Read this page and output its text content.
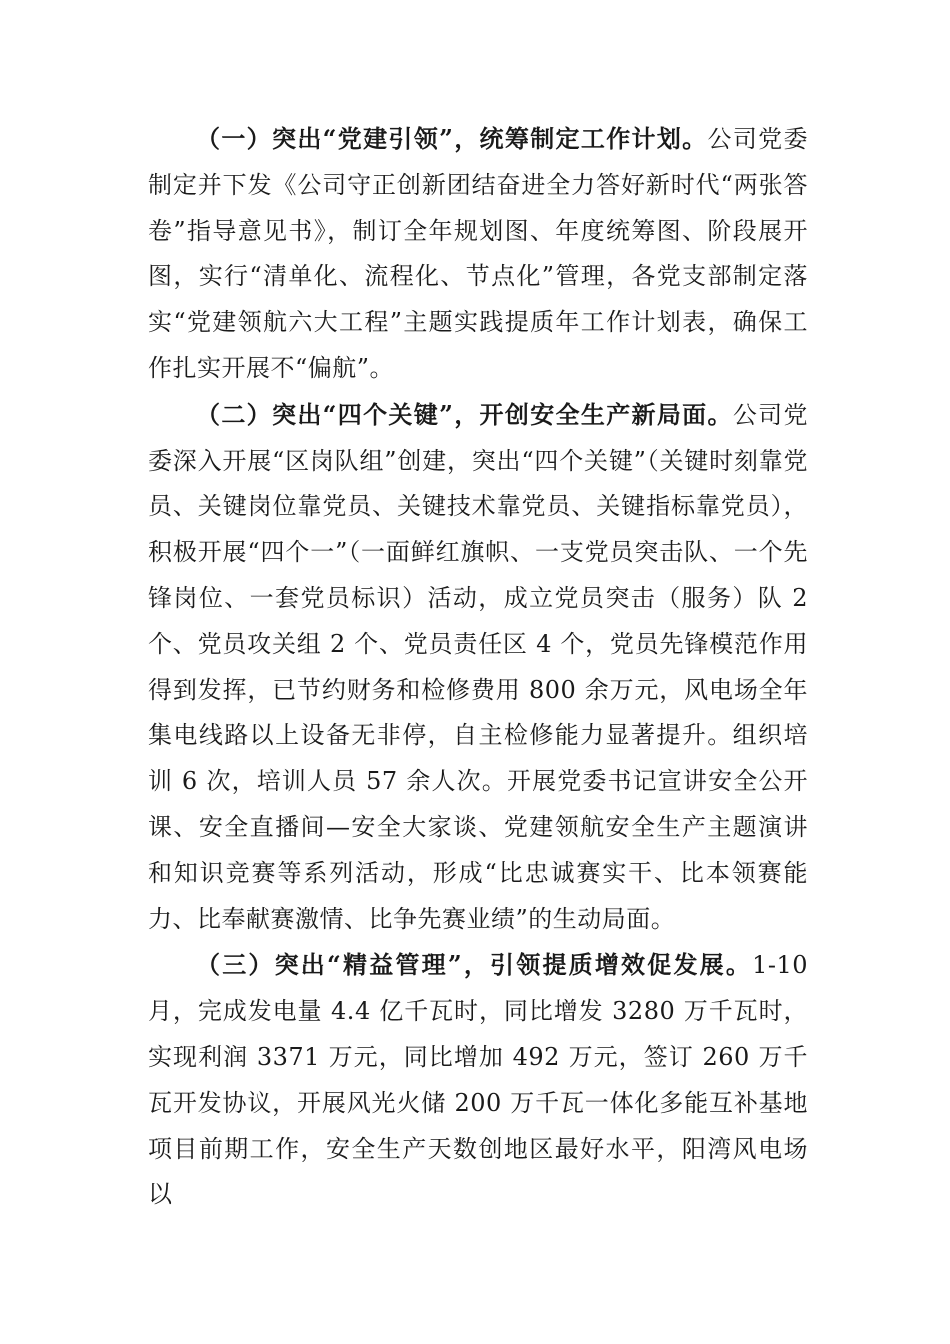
（一）突出“党建引领”，统筹制定工作计划。公司党委制定并下发《公司守正创新团结奋进全力答好新时代“两张答卷”指导意见书》，制订全年规划图、年度统筹图、阶段展开图，实行“清单化、流程化、节点化”管理，各党支部制定落实“党建领航六大工程”主题实践提质年工作计划表，确保工作扎实开展不“偏航”。

（二）突出“四个关键”，开创安全生产新局面。公司党委深入开展“区岗队组”创建，突出“四个关键”（关键时刻靠党员、关键岗位靠党员、关键技术靠党员、关键指标靠党员），积极开展“四个一”（一面鲜红旗帜、一支党员突击队、一个先锋岗位、一套党员标识）活动，成立党员突击（服务）队 2 个、党员攻关组 2 个、党员责任区 4 个，党员先锋模范作用得到发挥，已节约财务和检修费用 800 余万元，风电场全年集电线路以上设备无非停，自主检修能力显著提升。组织培训 6 次，培训人员 57 余人次。开展党委书记宣讲安全公开课、安全直播间—安全大家谈、党建领航安全生产主题演讲和知识竞赛等系列活动，形成“比忠诚赛实干、比本领赛能力、比奉献赛激情、比争先赛业绩”的生动局面。

（三）突出“精益管理”，引领提质增效促发展。1-10 月，完成发电量 4.4 亿千瓦时，同比增发 3280 万千瓦时，实现利润 3371 万元，同比增加 492 万元，签订 260 万千瓦开发协议，开展风光火储 200 万千瓦一体化多能互补基地项目前期工作，安全生产天数创地区最好水平，阳湾风电场以
